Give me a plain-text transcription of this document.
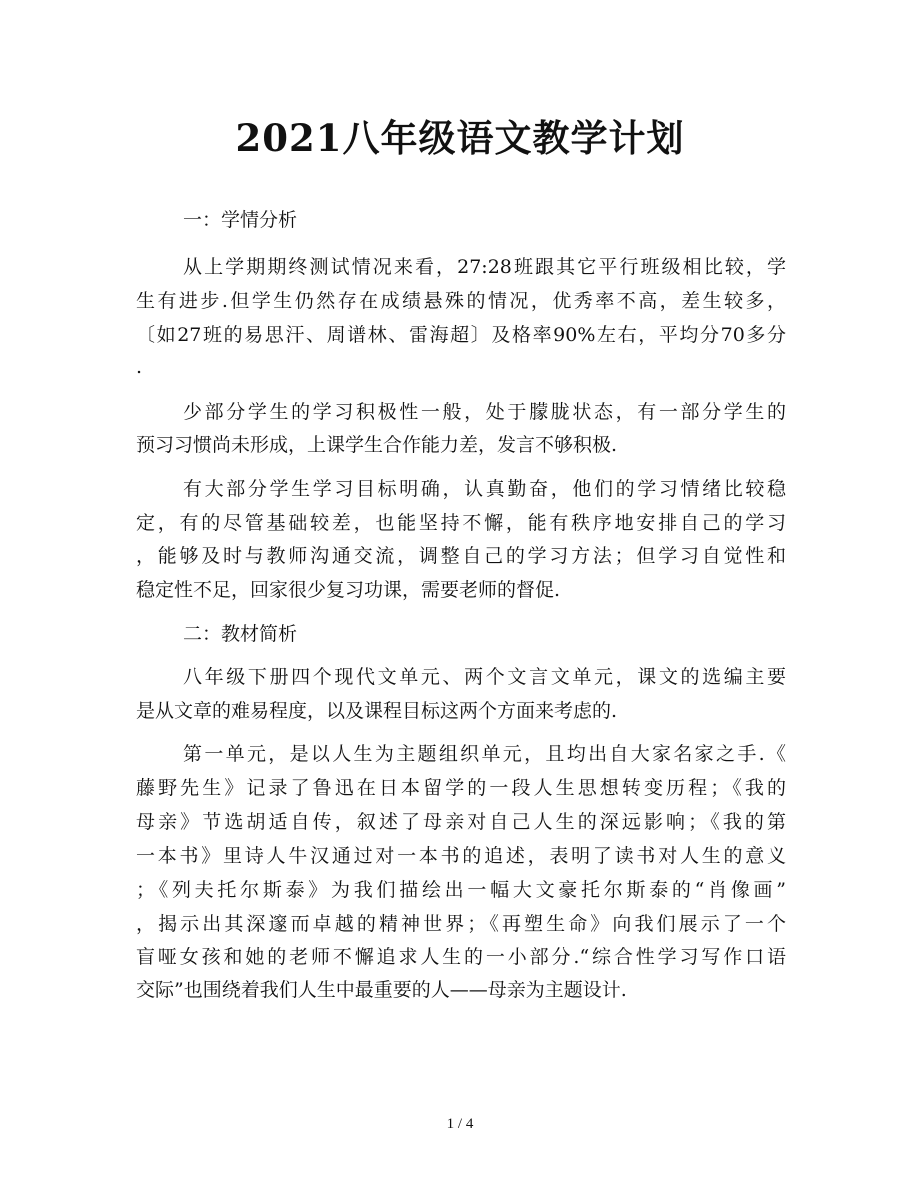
2021八年级语文教学计划
一：学情分析
从上学期期终测试情况来看，27:28班跟其它平行班级相比较，学
生有进步.但学生仍然存在成绩悬殊的情况，优秀率不高，差生较多，
〔如27班的易思汗、周谱林、雷海超〕及格率90%左右，平均分70多分
.
少部分学生的学习积极性一般，处于朦胧状态，有一部分学生的
预习习惯尚未形成，上课学生合作能力差，发言不够积极.
有大部分学生学习目标明确，认真勤奋，他们的学习情绪比较稳
定，有的尽管基础较差，也能坚持不懈，能有秩序地安排自己的学习
，能够及时与教师沟通交流，调整自己的学习方法；但学习自觉性和
稳定性不足，回家很少复习功课，需要老师的督促.
二：教材简析
八年级下册四个现代文单元、两个文言文单元，课文的选编主要
是从文章的难易程度，以及课程目标这两个方面来考虑的.
第一单元，是以人生为主题组织单元，且均出自大家名家之手.《
藤野先生》记录了鲁迅在日本留学的一段人生思想转变历程；《我的
母亲》节选胡适自传，叙述了母亲对自己人生的深远影响；《我的第
一本书》里诗人牛汉通过对一本书的追述，表明了读书对人生的意义
；《列夫托尔斯泰》为我们描绘出一幅大文豪托尔斯泰的“肖像画”
，揭示出其深邃而卓越的精神世界；《再塑生命》向我们展示了一个
盲哑女孩和她的老师不懈追求人生的一小部分.“综合性学习写作口语
交际”也围绕着我们人生中最重要的人——母亲为主题设计.
1 / 4
